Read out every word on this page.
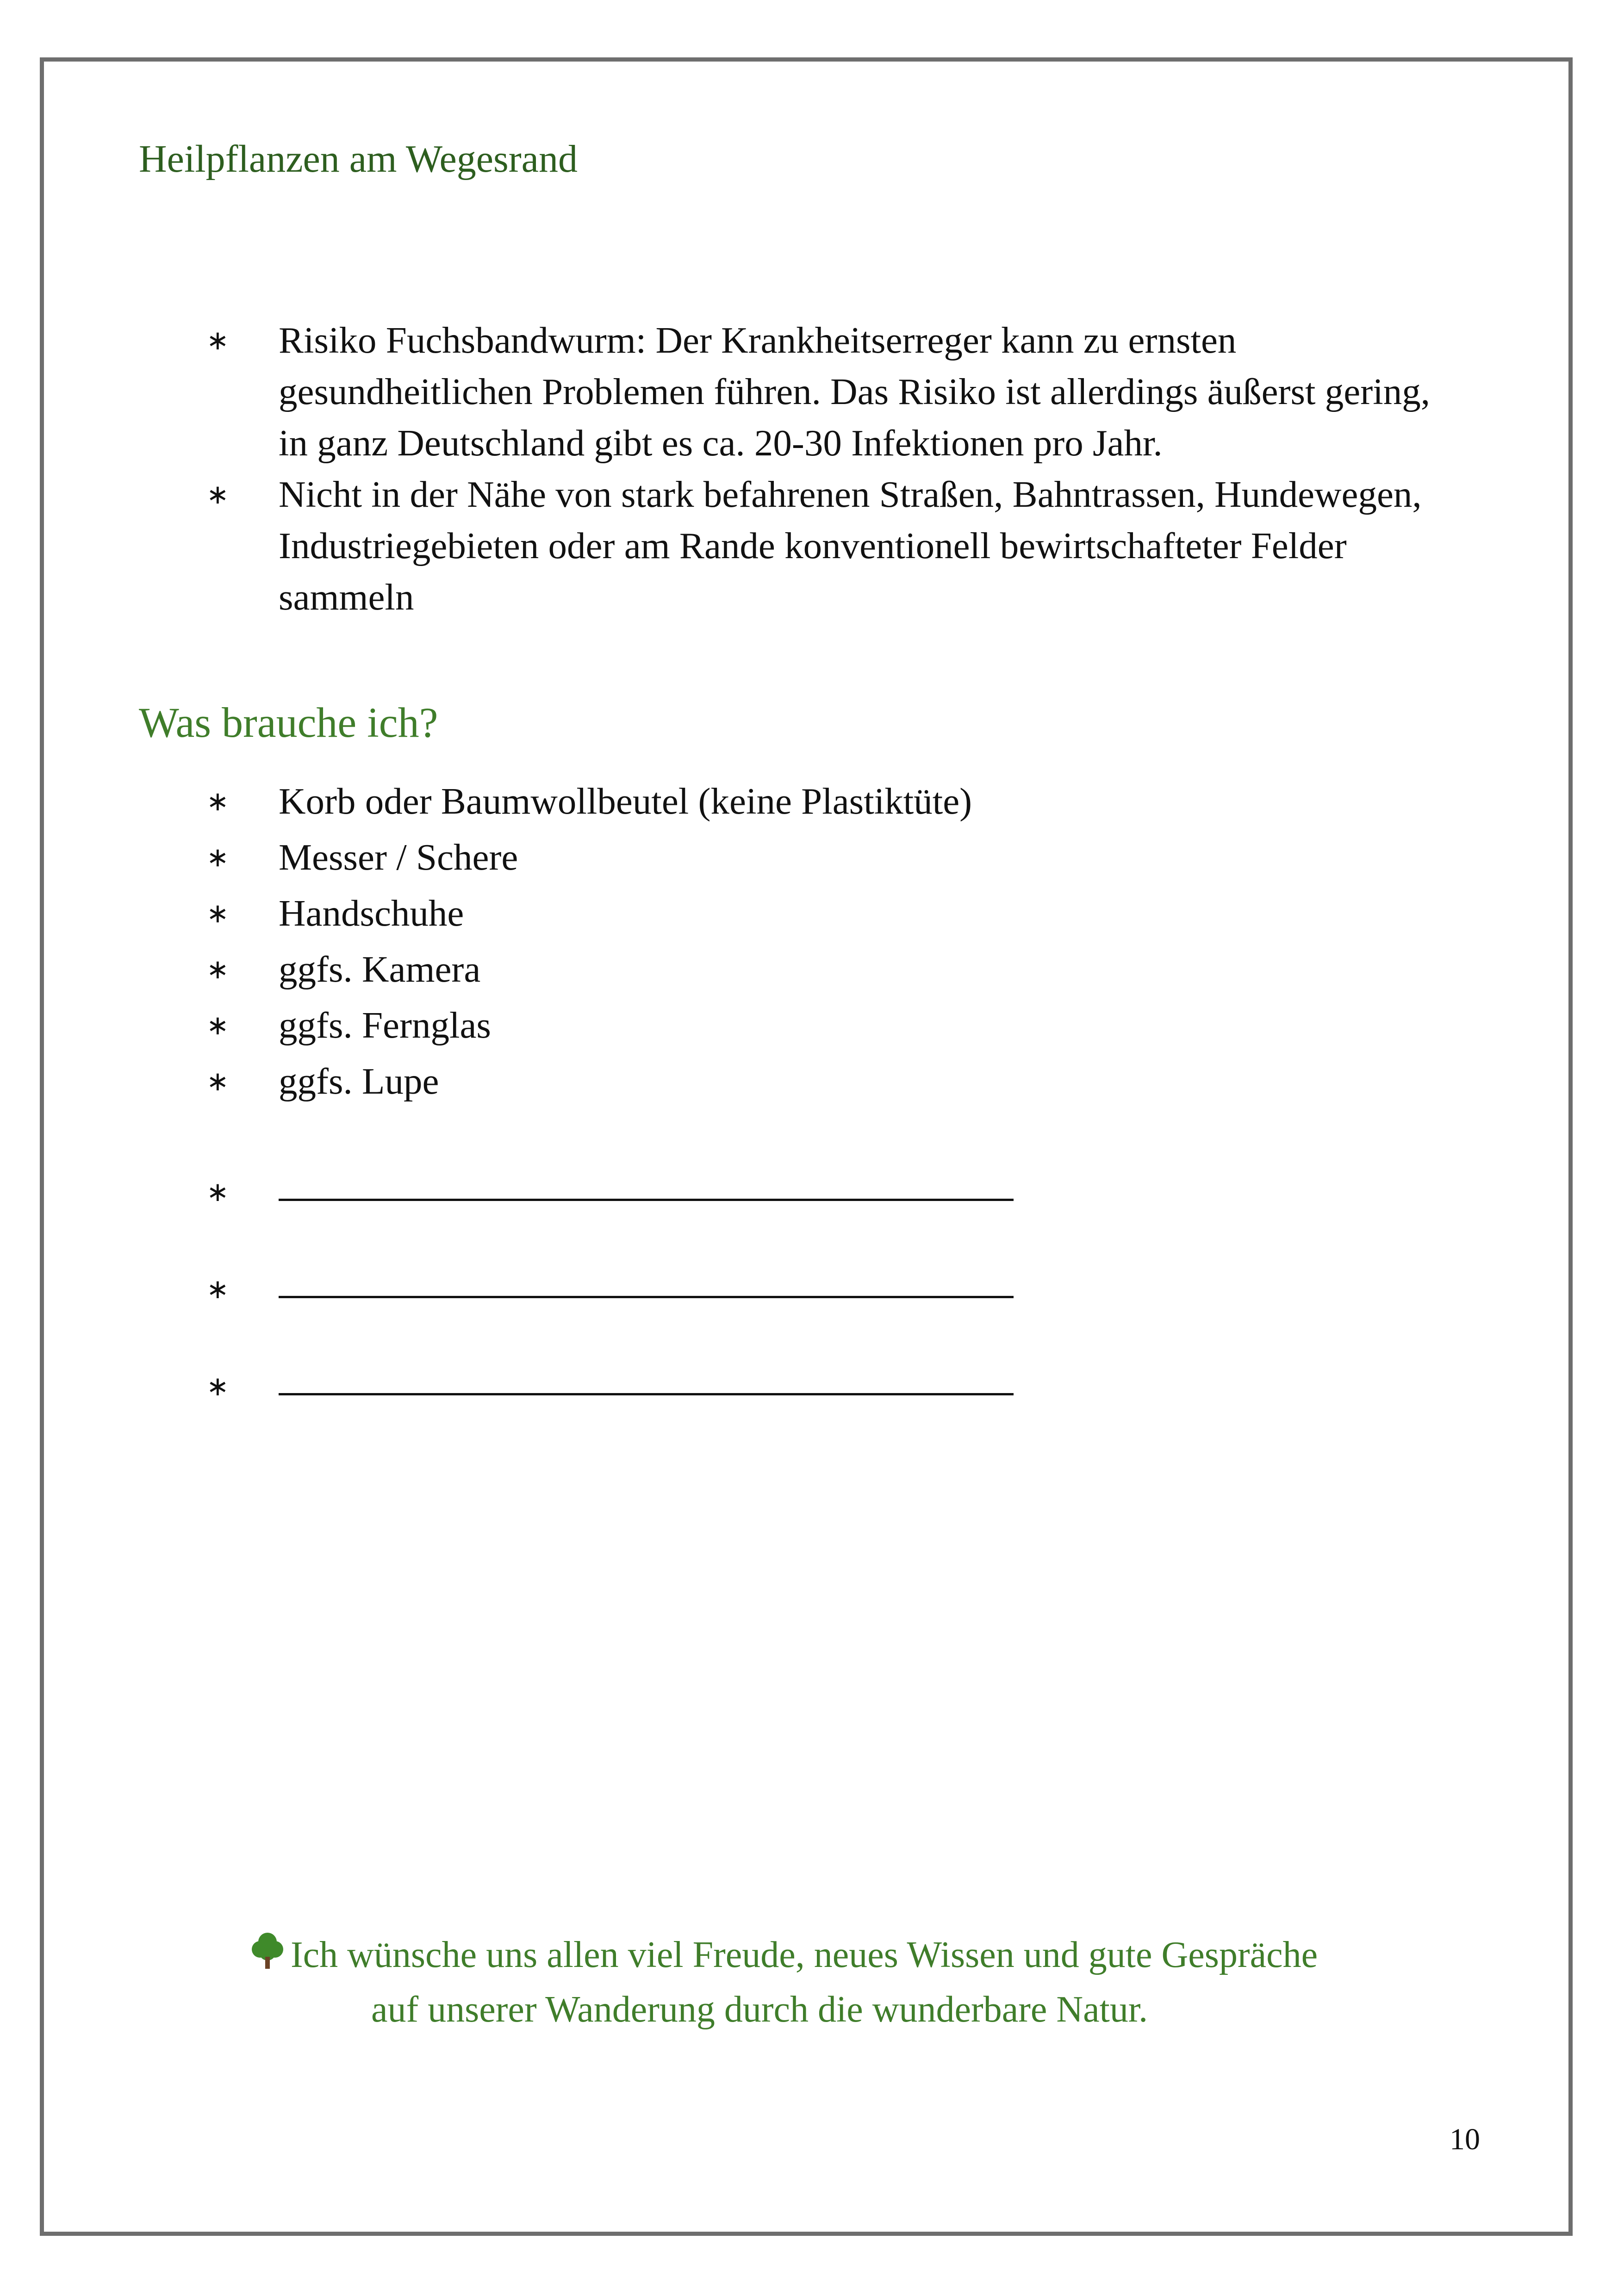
Heilpflanzen am Wegesrand
∗ Risiko Fuchsbandwurm: Der Krankheitserreger kann zu ernsten gesundheitlichen Problemen führen. Das Risiko ist allerdings äußerst gering, in ganz Deutschland gibt es ca. 20-30 Infektionen pro Jahr.
∗ Nicht in der Nähe von stark befahrenen Straßen, Bahntrassen, Hundewegen, Industriegebieten oder am Rande konventionell bewirtschafteter Felder sammeln
Was brauche ich?
∗ Korb oder Baumwollbeutel (keine Plastiktüte)
∗ Messer / Schere
∗ Handschuhe
∗ ggfs. Kamera
∗ ggfs. Fernglas
∗ ggfs. Lupe
∗
∗
∗
Ich wünsche uns allen viel Freude, neues Wissen und gute Gespräche
auf unserer Wanderung durch die wunderbare Natur.
10
